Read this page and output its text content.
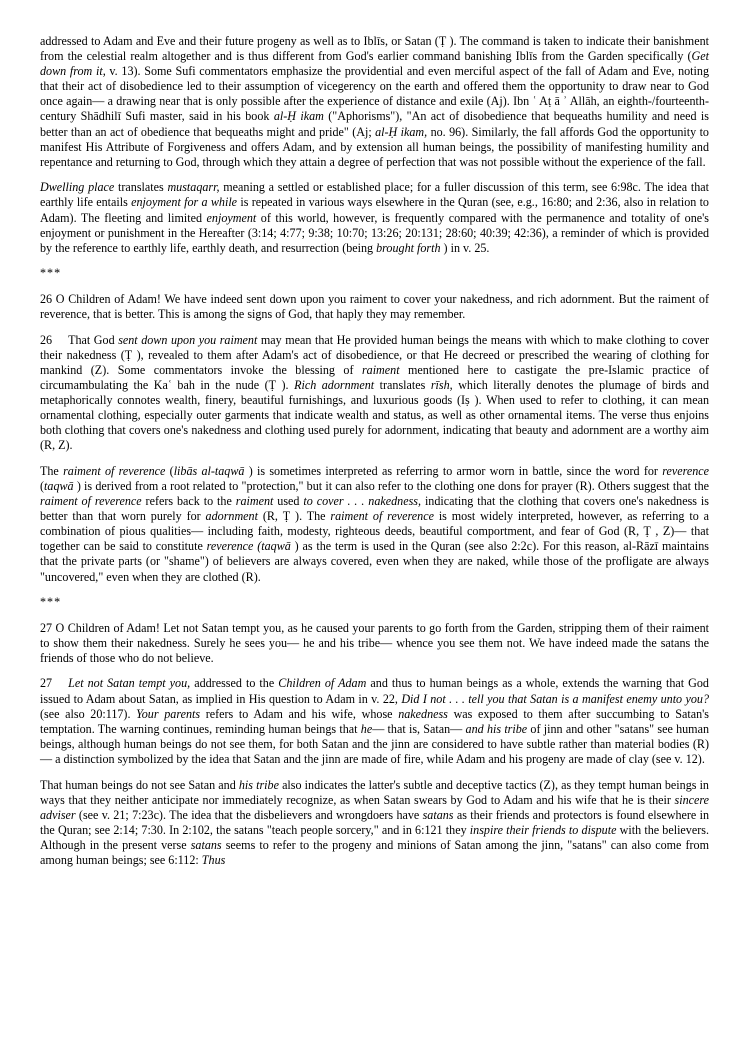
addressed to Adam and Eve and their future progeny as well as to Iblīs, or Satan (Ṭ ). The command is taken to indicate their banishment from the celestial realm altogether and is thus different from God's earlier command banishing Iblīs from the Garden specifically (Get down from it, v. 13). Some Sufi commentators emphasize the providential and even merciful aspect of the fall of Adam and Eve, noting that their act of disobedience led to their assumption of vicegerency on the earth and offered them the opportunity to draw near to God once again— a drawing near that is only possible after the experience of distance and exile (Aj). Ibn ʿ Aṭ ā ʾ Allāh, an eighth-/fourteenth-century Shādhilī Sufi master, said in his book al-Ḥ ikam ("Aphorisms"), "An act of disobedience that bequeaths humility and need is better than an act of obedience that bequeaths might and pride" (Aj; al-Ḥ ikam, no. 96). Similarly, the fall affords God the opportunity to manifest His Attribute of Forgiveness and offers Adam, and by extension all human beings, the possibility of manifesting humility and repentance and returning to God, through which they attain a degree of perfection that was not possible without the experience of the fall.

Dwelling place translates mustaqarr, meaning a settled or established place; for a fuller discussion of this term, see 6:98c. The idea that earthly life entails enjoyment for a while is repeated in various ways elsewhere in the Quran (see, e.g., 16:80; and 2:36, also in relation to Adam). The fleeting and limited enjoyment of this world, however, is frequently compared with the permanence and totality of one's enjoyment or punishment in the Hereafter (3:14; 4:77; 9:38; 10:70; 13:26; 20:131; 28:60; 40:39; 42:36), a reminder of which is provided by the reference to earthly life, earthly death, and resurrection (being brought forth ) in v. 25.

***

26 O Children of Adam! We have indeed sent down upon you raiment to cover your nakedness, and rich adornment. But the raiment of reverence, that is better. This is among the signs of God, that haply they may remember.

26 That God sent down upon you raiment may mean that He provided human beings the means with which to make clothing to cover their nakedness (Ṭ ), revealed to them after Adam's act of disobedience, or that He decreed or prescribed the wearing of clothing for mankind (Z). Some commentators invoke the blessing of raiment mentioned here to castigate the pre-Islamic practice of circumambulating the Kaʿ bah in the nude (Ṭ ). Rich adornment translates rīsh, which literally denotes the plumage of birds and metaphorically connotes wealth, finery, beautiful furnishings, and luxurious goods (Iṣ ). When used to refer to clothing, it can mean ornamental clothing, especially outer garments that indicate wealth and status, as well as other ornamental items. The verse thus enjoins both clothing that covers one's nakedness and clothing used purely for adornment, indicating that beauty and adornment are a worthy aim (R, Z).

The raiment of reverence (libās al-taqwā ) is sometimes interpreted as referring to armor worn in battle, since the word for reverence (taqwā ) is derived from a root related to "protection," but it can also refer to the clothing one dons for prayer (R). Others suggest that the raiment of reverence refers back to the raiment used to cover . . . nakedness, indicating that the clothing that covers one's nakedness is better than that worn purely for adornment (R, Ṭ ). The raiment of reverence is most widely interpreted, however, as referring to a combination of pious qualities— including faith, modesty, righteous deeds, beautiful comportment, and fear of God (R, Ṭ , Z)— that together can be said to constitute reverence (taqwā ) as the term is used in the Quran (see also 2:2c). For this reason, al-Rāzī maintains that the private parts (or "shame") of believers are always covered, even when they are naked, while those of the profligate are always "uncovered," even when they are clothed (R).

***

27 O Children of Adam! Let not Satan tempt you, as he caused your parents to go forth from the Garden, stripping them of their raiment to show them their nakedness. Surely he sees you— he and his tribe— whence you see them not. We have indeed made the satans the friends of those who do not believe.

27 Let not Satan tempt you, addressed to the Children of Adam and thus to human beings as a whole, extends the warning that God issued to Adam about Satan, as implied in His question to Adam in v. 22, Did I not . . . tell you that Satan is a manifest enemy unto you? (see also 20:117). Your parents refers to Adam and his wife, whose nakedness was exposed to them after succumbing to Satan's temptation. The warning continues, reminding human beings that he— that is, Satan— and his tribe of jinn and other "satans" see human beings, although human beings do not see them, for both Satan and the jinn are considered to have subtle rather than material bodies (R)— a distinction symbolized by the idea that Satan and the jinn are made of fire, while Adam and his progeny are made of clay (see v. 12).

That human beings do not see Satan and his tribe also indicates the latter's subtle and deceptive tactics (Z), as they tempt human beings in ways that they neither anticipate nor immediately recognize, as when Satan swears by God to Adam and his wife that he is their sincere adviser (see v. 21; 7:23c). The idea that the disbelievers and wrongdoers have satans as their friends and protectors is found elsewhere in the Quran; see 2:14; 7:30. In 2:102, the satans "teach people sorcery," and in 6:121 they inspire their friends to dispute with the believers. Although in the present verse satans seems to refer to the progeny and minions of Satan among the jinn, "satans" can also come from among human beings; see 6:112: Thus
